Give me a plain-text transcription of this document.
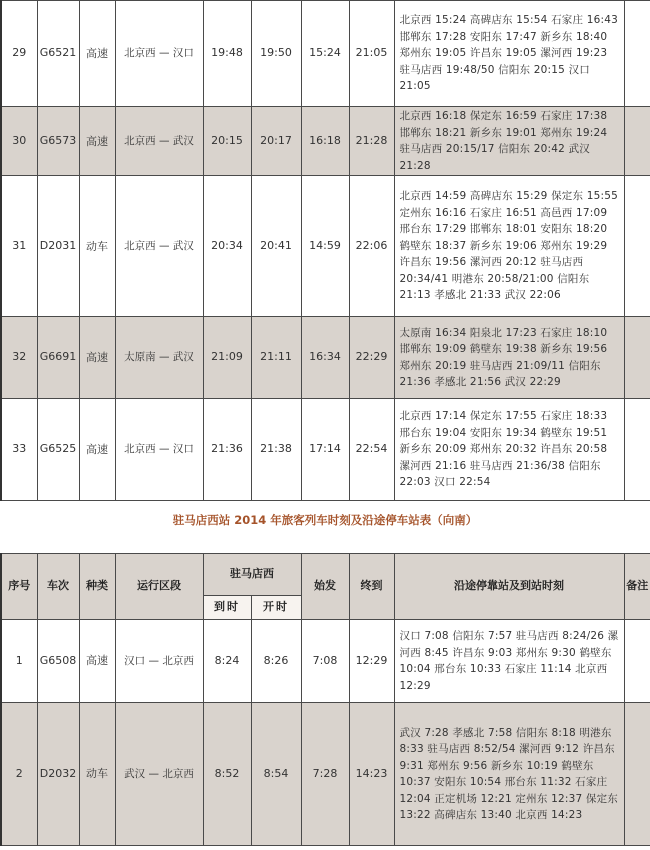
29	G6521	高速	北京西 — 汉口	19:48	19:50	15:24	21:05	北京西 15:24 高碑店东 15:54 石家庄 16:43 邯郸东 17:28 安阳东 17:47 新乡东 18:40 郑州东 19:05 许昌东 19:05 漯河西 19:23 驻马店西 19:48/50 信阳东 20:15 汉口 21:05	
30	G6573	高速	北京西 — 武汉	20:15	20:17	16:18	21:28	北京西 16:18 保定东 16:59 石家庄 17:38 邯郸东 18:21 新乡东 19:01 郑州东 19:24 驻马店西 20:15/17 信阳东 20:42 武汉 21:28	
31	D2031	动车	北京西 — 武汉	20:34	20:41	14:59	22:06	北京西 14:59 高碑店东 15:29 保定东 15:55 定州东 16:16 石家庄 16:51 高邑西 17:09 邢台东 17:29 邯郸东 18:01 安阳东 18:20 鹤壁东 18:37 新乡东 19:06 郑州东 19:29 许昌东 19:56 漯河西 20:12 驻马店西 20:34/41 明港东 20:58/21:00 信阳东 21:13 孝感北 21:33 武汉 22:06	
32	G6691	高速	太原南 — 武汉	21:09	21:11	16:34	22:29	太原南 16:34 阳泉北 17:23 石家庄 18:10 邯郸东 19:09 鹤壁东 19:38 新乡东 19:56 郑州东 20:19 驻马店西 21:09/11 信阳东 21:36 孝感北 21:56 武汉 22:29	
33	G6525	高速	北京西 — 汉口	21:36	21:38	17:14	22:54	北京西 17:14 保定东 17:55 石家庄 18:33 邢台东 19:04 安阳东 19:34 鹤壁东 19:51 新乡东 20:09 郑州东 20:32 许昌东 20:58 漯河西 21:16 驻马店西 21:36/38 信阳东 22:03 汉口 22:54	
驻马店西站 2014 年旅客列车时刻及沿途停车站表（向南）
序号	车次	种类	运行区段	驻马店西		始发	终到	沿途停靠站及到站时刻	备注
				到时	开时				
1	G6508	高速	汉口 — 北京西	8:24	8:26	7:08	12:29	汉口 7:08 信阳东 7:57 驻马店西 8:24/26 漯河西 8:45 许昌东 9:03 郑州东 9:30 鹤壁东 10:04 邢台东 10:33 石家庄 11:14 北京西 12:29	
2	D2032	动车	武汉 — 北京西	8:52	8:54	7:28	14:23	武汉 7:28 孝感北 7:58 信阳东 8:18 明港东 8:33 驻马店西 8:52/54 漯河西 9:12 许昌东 9:31 郑州东 9:56 新乡东 10:19 鹤壁东 10:37 安阳东 10:54 邢台东 11:32 石家庄 12:04 正定机场 12:21 定州东 12:37 保定东 13:22 高碑店东 13:40 北京西 14:23	
